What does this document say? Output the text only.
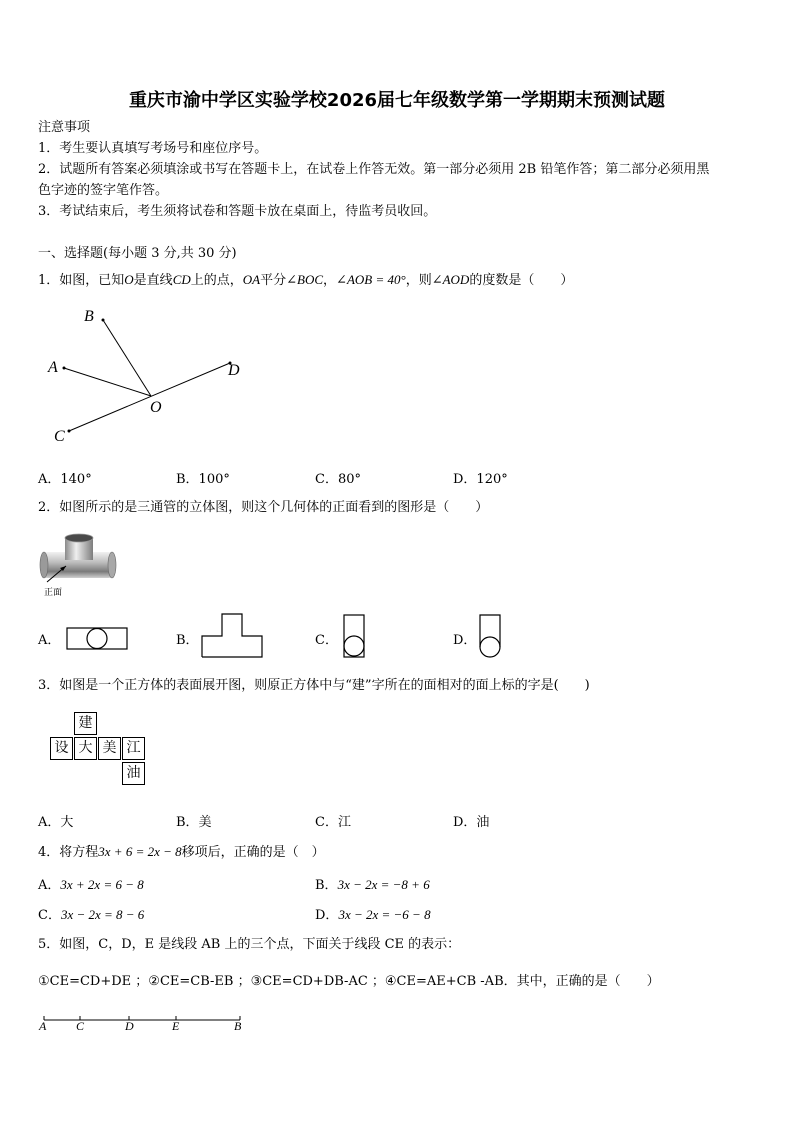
重庆市渝中学区实验学校2026届七年级数学第一学期期末预测试题
注意事项
1．考生要认真填写考场号和座位序号。
2．试题所有答案必须填涂或书写在答题卡上，在试卷上作答无效。第一部分必须用 2B 铅笔作答；第二部分必须用黑
色字迹的签字笔作答。
3．考试结束后，考生须将试卷和答题卡放在桌面上，待监考员收回。
一、选择题(每小题 3 分,共 30 分)
1．如图，已知O是直线CD上的点，OA平分∠BOC，∠AOB = 40°，则∠AOD的度数是（　　）
B
A	D
O
C
A．140°	B．100°	C．80°	D．120°
2．如图所示的是三通管的立体图，则这个几何体的正面看到的图形是（　　）
正面
A．	B．	C．	D．
3．如图是一个正方体的表面展开图，则原正方体中与“建”字所在的面相对的面上标的字是(　　)
建
设 大 美 江
油
A．大	B．美	C．江	D．油
4．将方程3x + 6 = 2x − 8移项后，正确的是（　）
A．3x + 2x = 6 − 8	B．3x − 2x = −8 + 6
C．3x − 2x = 8 − 6	D．3x − 2x = −6 − 8
5．如图，C，D，E 是线段 AB 上的三个点，下面关于线段 CE 的表示：
①CE=CD+DE ；②CE=CB-EB ；③CE=CD+DB-AC ；④CE=AE+CB -AB．其中，正确的是（　　）
A C	D	E	B
